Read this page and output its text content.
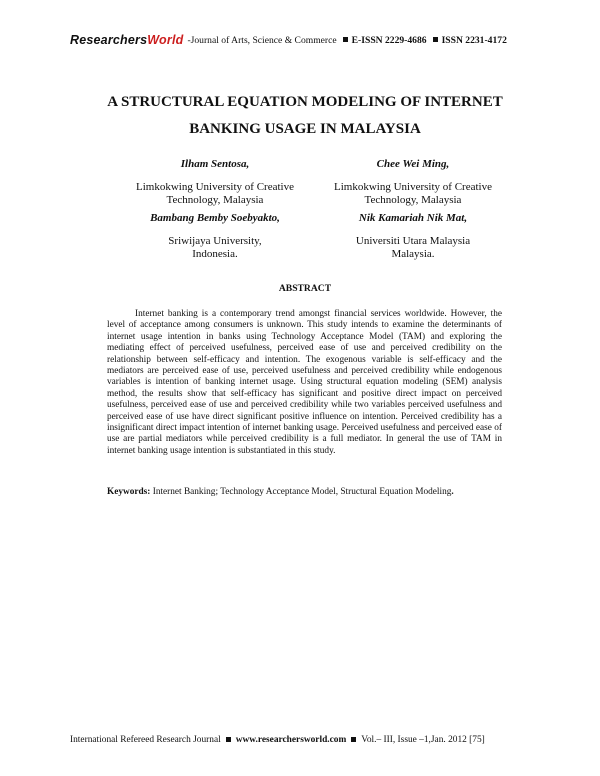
ResearchersWorld -Journal of Arts, Science & Commerce E-ISSN 2229-4686 ISSN 2231-4172
A STRUCTURAL EQUATION MODELING OF INTERNET
BANKING USAGE IN MALAYSIA
Ilham Sentosa,
Limkokwing University of Creative
Technology, Malaysia
Chee Wei Ming,
Limkokwing University of Creative
Technology, Malaysia
Bambang Bemby Soebyakto,
Sriwijaya University,
Indonesia.
Nik Kamariah Nik Mat,
Universiti Utara Malaysia
Malaysia.
ABSTRACT

Internet banking is a contemporary trend amongst financial services worldwide. However, the level of acceptance among consumers is unknown. This study intends to examine the determinants of internet usage intention in banks using Technology Acceptance Model (TAM) and exploring the mediating effect of perceived usefulness, perceived ease of use and perceived credibility on the relationship between self-efficacy and intention. The exogenous variable is self-efficacy and the mediators are perceived ease of use, perceived usefulness and perceived credibility while endogenous variables is intention of banking internet usage. Using structural equation modeling (SEM) analysis method, the results show that self-efficacy has significant and positive direct impact on perceived usefulness, perceived ease of use and perceived credibility while two variables perceived usefulness and perceived ease of use have direct significant positive influence on intention. Perceived credibility has a insignificant direct impact intention of internet banking usage. Perceived usefulness and perceived ease of use are partial mediators while perceived credibility is a full mediator. In general the use of TAM in internet banking usage intention is substantiated in this study.

Keywords: Internet Banking; Technology Acceptance Model, Structural Equation Modeling.
International Refereed Research Journal www.researchersworld.com Vol.– III, Issue –1,Jan. 2012 [75]
